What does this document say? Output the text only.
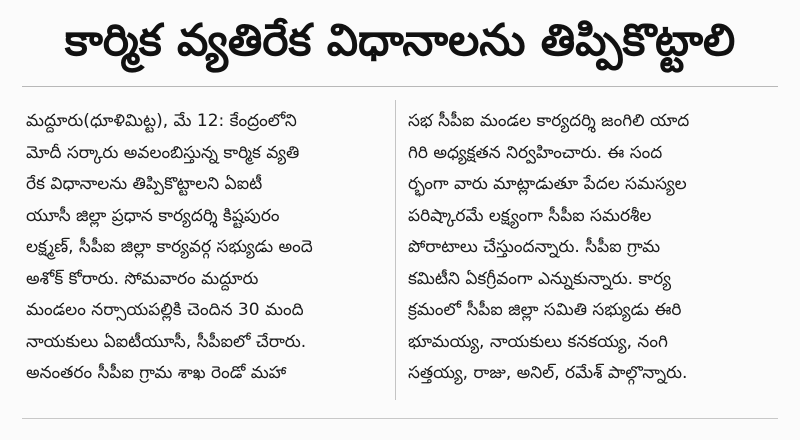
కార్మిక వ్యతిరేక విధానాలను తిప్పికొట్టాలి
మద్దూరు(ధూళిమిట్ట), మే 12: కేంద్రంలోని
మోదీ సర్కారు అవలంబిస్తున్న కార్మిక వ్యతి
రేక విధానాలను తిప్పికొట్టాలని ఏఐటీ
యూసీ జిల్లా ప్రధాన కార్యదర్శి కిష్టపురం
లక్ష్మణ్, సీపీఐ జిల్లా కార్యవర్గ సభ్యుడు అందె
అశోక్ కోరారు. సోమవారం మద్దూరు
మండలం నర్సాయపల్లికి చెందిన 30 మంది
నాయకులు ఏఐటీయూసీ, సీపీఐలో చేరారు.
అనంతరం సీపీఐ గ్రామ శాఖ రెండో మహా
సభ సీపీఐ మండల కార్యదర్శి జంగిలి యాద
గిరి అధ్యక్షతన నిర్వహించారు. ఈ సంద
ర్భంగా వారు మాట్లాడుతూ పేదల సమస్యల
పరిష్కారమే లక్ష్యంగా సీపీఐ సమరశీల
పోరాటాలు చేస్తుందన్నారు. సీపీఐ గ్రామ
కమిటీని ఏకగ్రీవంగా ఎన్నుకున్నారు. కార్య
క్రమంలో సీపీఐ జిల్లా సమితి సభ్యుడు ఈరి
భూమయ్య, నాయకులు కనకయ్య, నంగి
సత్తయ్య, రాజు, అనిల్, రమేశ్ పాల్గొన్నారు.
